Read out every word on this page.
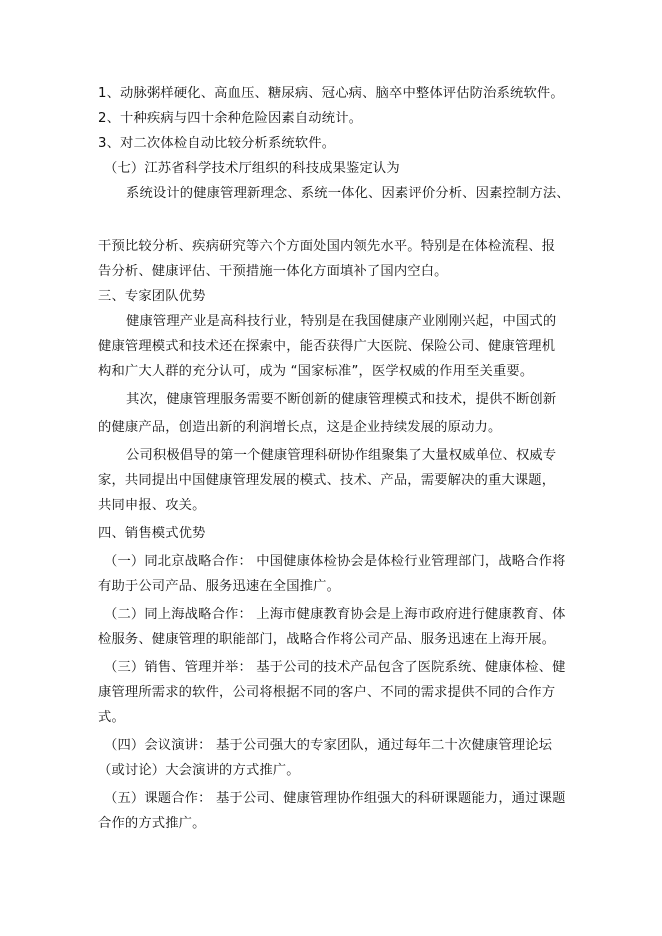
1、动脉粥样硬化、高血压、糖尿病、冠心病、脑卒中整体评估防治系统软件。
2、十种疾病与四十余种危险因素自动统计。
3、对二次体检自动比较分析系统软件。
（七）江苏省科学技术厅组织的科技成果鉴定认为
系统设计的健康管理新理念、系统一体化、因素评价分析、因素控制方法、
干预比较分析、疾病研究等六个方面处国内领先水平。特别是在体检流程、报
告分析、健康评估、干预措施一体化方面填补了国内空白。
三、专家团队优势
健康管理产业是高科技行业，特别是在我国健康产业刚刚兴起，中国式的
健康管理模式和技术还在探索中，能否获得广大医院、保险公司、健康管理机
构和广大人群的充分认可，成为 “国家标准”，医学权威的作用至关重要。
其次，健康管理服务需要不断创新的健康管理模式和技术，提供不断创新
的健康产品，创造出新的利润增长点，这是企业持续发展的原动力。
公司积极倡导的第一个健康管理科研协作组聚集了大量权威单位、权威专
家，共同提出中国健康管理发展的模式、技术、产品，需要解决的重大课题，
共同申报、攻关。
四、销售模式优势
（一）同北京战略合作： 中国健康体检协会是体检行业管理部门，战略合作将
有助于公司产品、服务迅速在全国推广。
（二）同上海战略合作： 上海市健康教育协会是上海市政府进行健康教育、体
检服务、健康管理的职能部门，战略合作将公司产品、服务迅速在上海开展。
（三）销售、管理并举： 基于公司的技术产品包含了医院系统、健康体检、健
康管理所需求的软件，公司将根据不同的客户、不同的需求提供不同的合作方
式。
（四）会议演讲： 基于公司强大的专家团队，通过每年二十次健康管理论坛
（或讨论）大会演讲的方式推广。
（五）课题合作： 基于公司、健康管理协作组强大的科研课题能力，通过课题
合作的方式推广。
